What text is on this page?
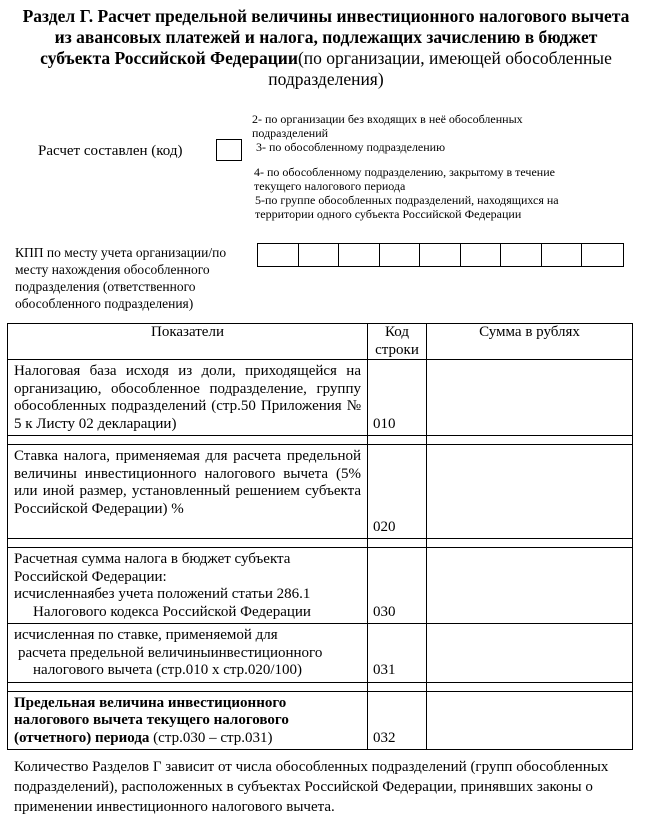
Раздел Г. Расчет предельной величины инвестиционного налогового вычета из авансовых платежей и налога, подлежащих зачислению в бюджет субъекта Российской Федерации(по организации, имеющей обособленные подразделения)
Расчет составлен (код)
2- по организации без входящих в неё обособленных подразделений
3- по обособленному подразделению
4- по обособленному подразделению, закрытому в течение текущего налогового периода
5-по группе обособленных подразделений, находящихся на территории одного субъекта Российской Федерации
КПП по месту учета организации/по месту нахождения обособленного подразделения (ответственного обособленного подразделения)
Показатели	Код строки	Сумма в рублях
Налоговая база исходя из доли, приходящейся на организацию, обособленное подразделение, группу обособленных подразделений (стр.50 Приложения № 5 к Листу 02 декларации)	010	

Ставка налога, применяемая для расчета предельной величины инвестиционного налогового вычета (5% или иной размер, установленный решением субъекта Российской Федерации) %	020	

Расчетная сумма налога в бюджет субъекта
Российской Федерации:
исчисленнаябез учета положений статьи 286.1
Налогового кодекса Российской Федерации	030	

исчисленная по ставке, применяемой для
расчета предельной величиныинвестиционного
налогового вычета (стр.010 х стр.020/100)	031	

Предельная величина инвестиционного налогового вычета текущего налогового (отчетного) периода (стр.030 – стр.031)	032	
Количество Разделов Г зависит от числа обособленных подразделений (групп обособленных подразделений), расположенных в субъектах Российской Федерации, принявших законы о применении инвестиционного налогового вычета.
